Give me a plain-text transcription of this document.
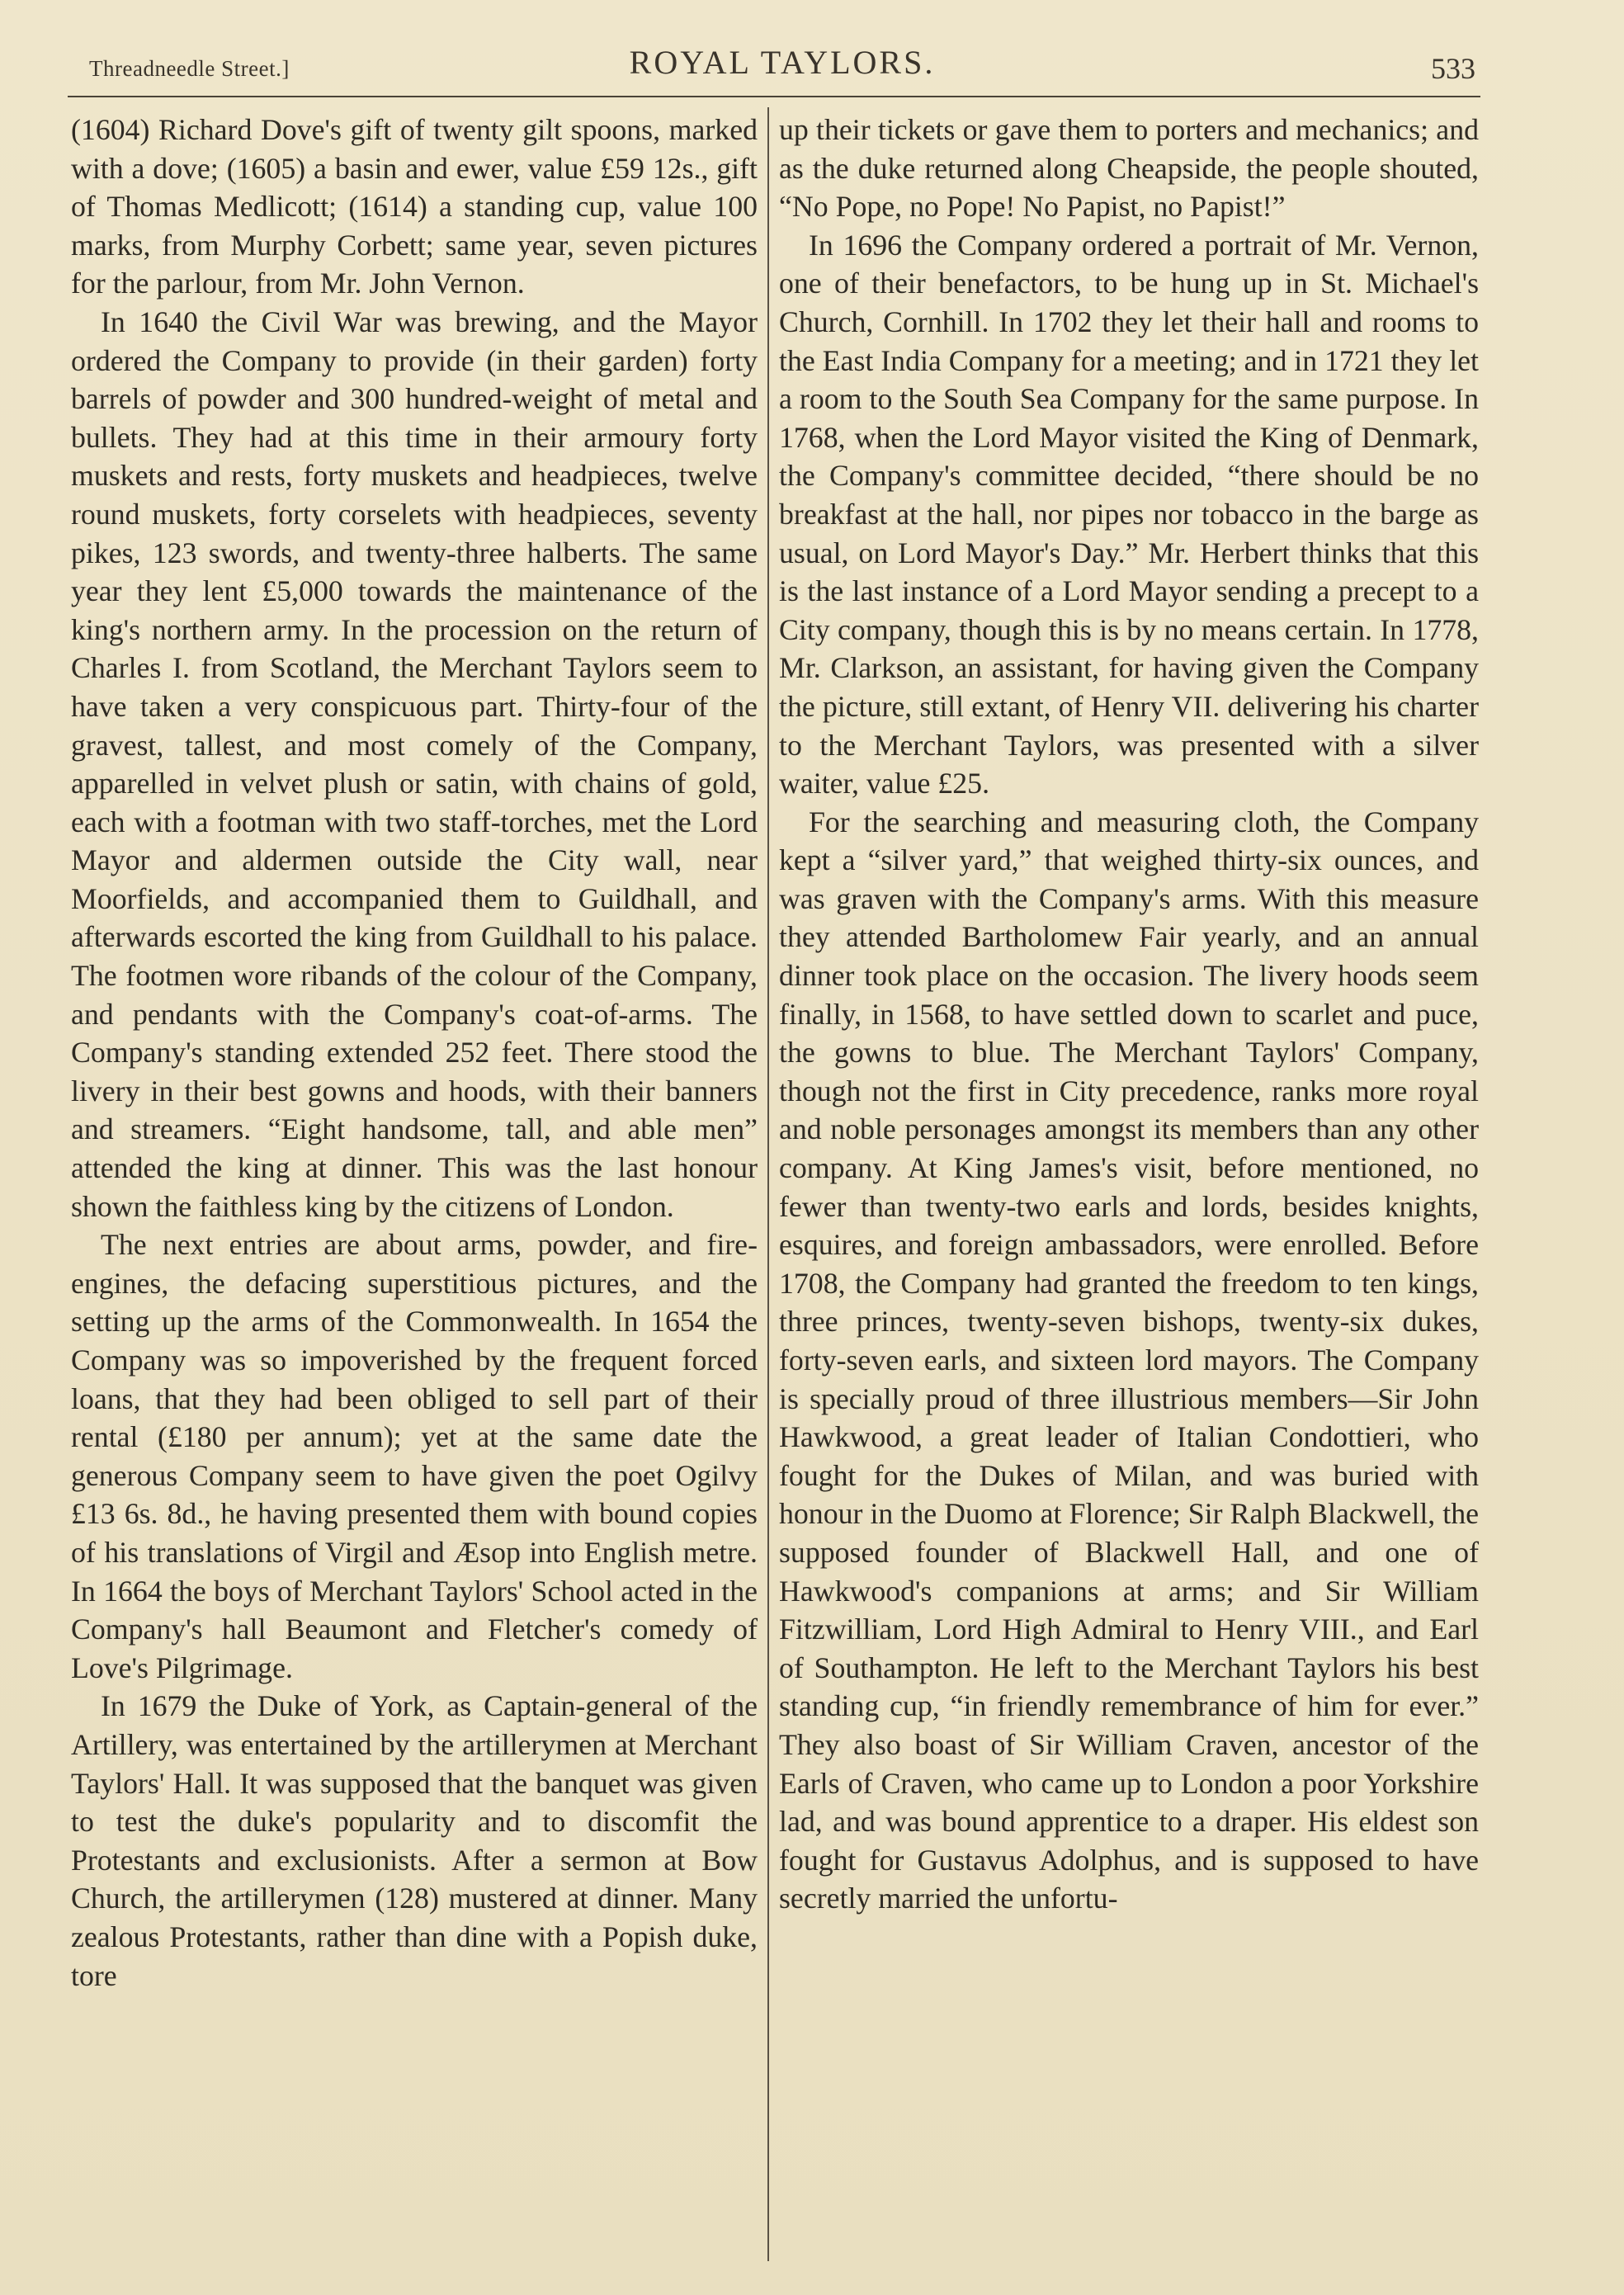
Threadneedle Street.]	ROYAL TAYLORS.	533

(1604) Richard Dove's gift of twenty gilt spoons, marked with a dove; (1605) a basin and ewer, value £59 12s., gift of Thomas Medlicott; (1614) a standing cup, value 100 marks, from Murphy Corbett; same year, seven pictures for the parlour, from Mr. John Vernon.

In 1640 the Civil War was brewing, and the Mayor ordered the Company to provide (in their garden) forty barrels of powder and 300 hundred-weight of metal and bullets. They had at this time in their armoury forty muskets and rests, forty muskets and headpieces, twelve round muskets, forty corselets with headpieces, seventy pikes, 123 swords, and twenty-three halberts. The same year they lent £5,000 towards the maintenance of the king's northern army. In the procession on the return of Charles I. from Scotland, the Merchant Taylors seem to have taken a very conspicuous part. Thirty-four of the gravest, tallest, and most comely of the Company, apparelled in velvet plush or satin, with chains of gold, each with a footman with two staff-torches, met the Lord Mayor and aldermen outside the City wall, near Moorfields, and accompanied them to Guildhall, and afterwards escorted the king from Guildhall to his palace. The footmen wore ribands of the colour of the Company, and pendants with the Company's coat-of-arms. The Company's standing extended 252 feet. There stood the livery in their best gowns and hoods, with their banners and streamers. “Eight handsome, tall, and able men” attended the king at dinner. This was the last honour shown the faithless king by the citizens of London.

The next entries are about arms, powder, and fire-engines, the defacing superstitious pictures, and the setting up the arms of the Commonwealth. In 1654 the Company was so impoverished by the frequent forced loans, that they had been obliged to sell part of their rental (£180 per annum); yet at the same date the generous Company seem to have given the poet Ogilvy £13 6s. 8d., he having presented them with bound copies of his translations of Virgil and Æsop into English metre. In 1664 the boys of Merchant Taylors' School acted in the Company's hall Beaumont and Fletcher's comedy of Love's Pilgrimage.

In 1679 the Duke of York, as Captain-general of the Artillery, was entertained by the artillerymen at Merchant Taylors' Hall. It was supposed that the banquet was given to test the duke's popularity and to discomfit the Protestants and exclusionists. After a sermon at Bow Church, the artillerymen (128) mustered at dinner. Many zealous Protestants, rather than dine with a Popish duke, tore

up their tickets or gave them to porters and mechanics; and as the duke returned along Cheapside, the people shouted, “No Pope, no Pope! No Papist, no Papist!”

In 1696 the Company ordered a portrait of Mr. Vernon, one of their benefactors, to be hung up in St. Michael's Church, Cornhill. In 1702 they let their hall and rooms to the East India Company for a meeting; and in 1721 they let a room to the South Sea Company for the same purpose. In 1768, when the Lord Mayor visited the King of Denmark, the Company's committee decided, “there should be no breakfast at the hall, nor pipes nor tobacco in the barge as usual, on Lord Mayor's Day.” Mr. Herbert thinks that this is the last instance of a Lord Mayor sending a precept to a City company, though this is by no means certain. In 1778, Mr. Clarkson, an assistant, for having given the Company the picture, still extant, of Henry VII. delivering his charter to the Merchant Taylors, was presented with a silver waiter, value £25.

For the searching and measuring cloth, the Company kept a “silver yard,” that weighed thirty-six ounces, and was graven with the Company's arms. With this measure they attended Bartholomew Fair yearly, and an annual dinner took place on the occasion. The livery hoods seem finally, in 1568, to have settled down to scarlet and puce, the gowns to blue. The Merchant Taylors' Company, though not the first in City precedence, ranks more royal and noble personages amongst its members than any other company. At King James's visit, before mentioned, no fewer than twenty-two earls and lords, besides knights, esquires, and foreign ambassadors, were enrolled. Before 1708, the Company had granted the freedom to ten kings, three princes, twenty-seven bishops, twenty-six dukes, forty-seven earls, and sixteen lord mayors. The Company is specially proud of three illustrious members—Sir John Hawkwood, a great leader of Italian Condottieri, who fought for the Dukes of Milan, and was buried with honour in the Duomo at Florence; Sir Ralph Blackwell, the supposed founder of Blackwell Hall, and one of Hawkwood's companions at arms; and Sir William Fitzwilliam, Lord High Admiral to Henry VIII., and Earl of Southampton. He left to the Merchant Taylors his best standing cup, “in friendly remembrance of him for ever.” They also boast of Sir William Craven, ancestor of the Earls of Craven, who came up to London a poor Yorkshire lad, and was bound apprentice to a draper. His eldest son fought for Gustavus Adolphus, and is supposed to have secretly married the unfortu-
